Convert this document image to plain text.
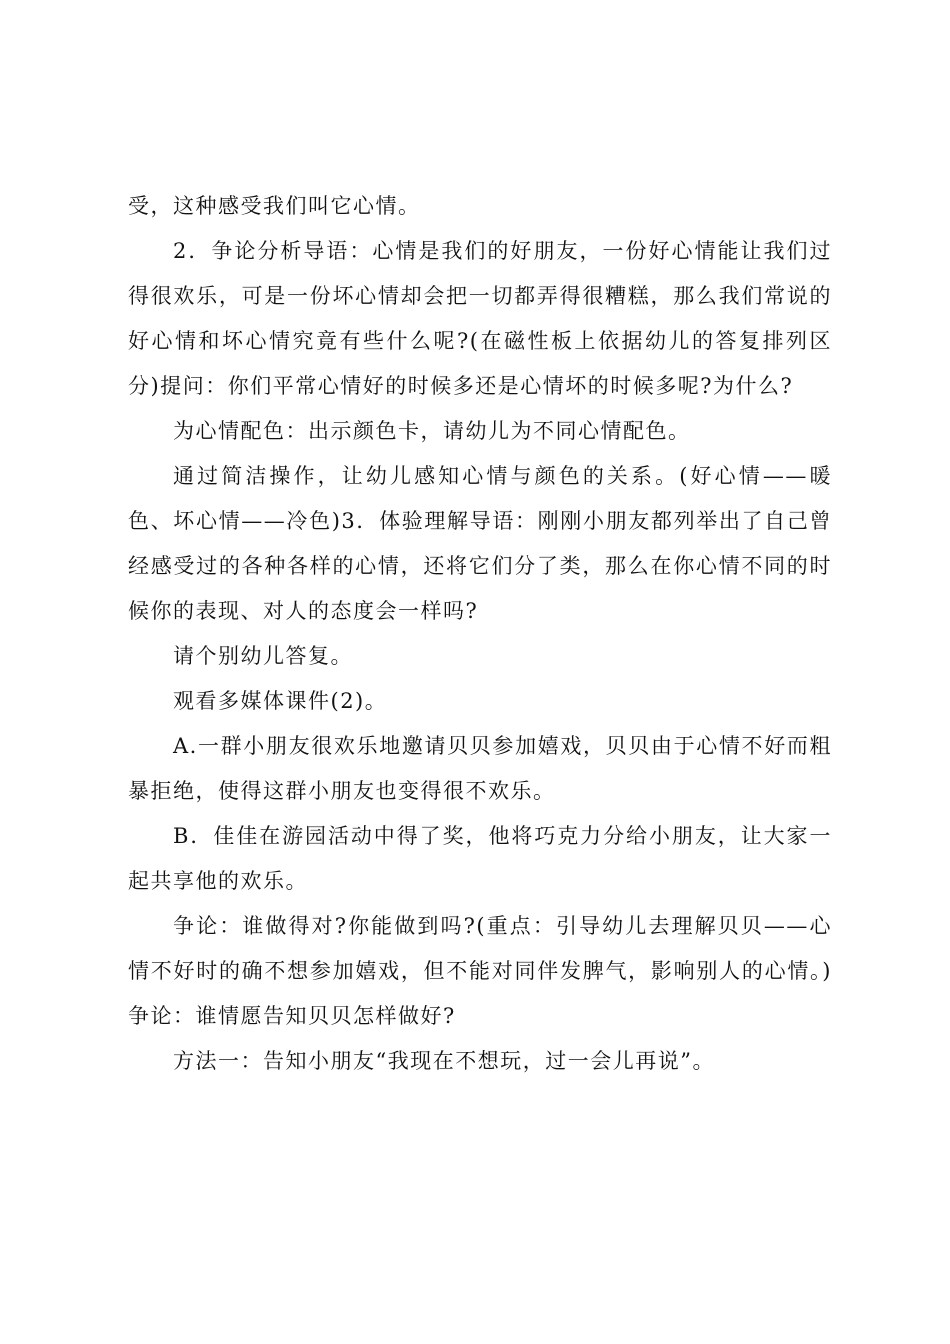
受，这种感受我们叫它心情。

2．争论分析导语：心情是我们的好朋友，一份好心情能让我们过得很欢乐，可是一份坏心情却会把一切都弄得很糟糕，那么我们常说的好心情和坏心情究竟有些什么呢?(在磁性板上依据幼儿的答复排列区分)提问：你们平常心情好的时候多还是心情坏的时候多呢?为什么?

为心情配色：出示颜色卡，请幼儿为不同心情配色。

通过简洁操作，让幼儿感知心情与颜色的关系。(好心情——暖色、坏心情——冷色)3．体验理解导语：刚刚小朋友都列举出了自己曾经感受过的各种各样的心情，还将它们分了类，那么在你心情不同的时候你的表现、对人的态度会一样吗?

请个别幼儿答复。

观看多媒体课件(2)。

A.一群小朋友很欢乐地邀请贝贝参加嬉戏，贝贝由于心情不好而粗暴拒绝，使得这群小朋友也变得很不欢乐。

B．佳佳在游园活动中得了奖，他将巧克力分给小朋友，让大家一起共享他的欢乐。

争论：谁做得对?你能做到吗?(重点：引导幼儿去理解贝贝——心情不好时的确不想参加嬉戏，但不能对同伴发脾气，影响别人的心情。)争论：谁情愿告知贝贝怎样做好?

方法一：告知小朋友“我现在不想玩，过一会儿再说”。
